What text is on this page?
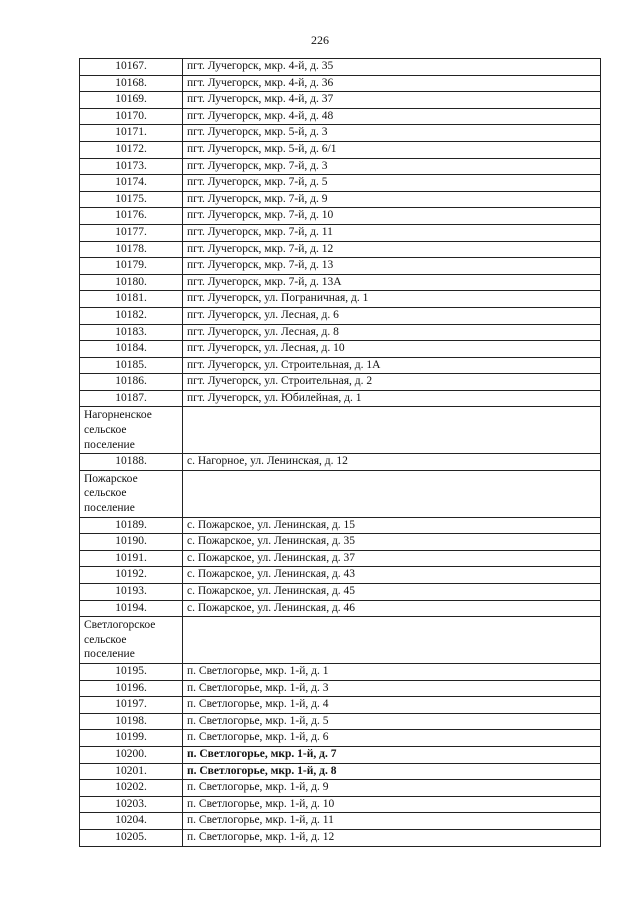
226
10167.	пгт. Лучегорск, мкр. 4-й, д. 35
10168.	пгт. Лучегорск, мкр. 4-й, д. 36
10169.	пгт. Лучегорск, мкр. 4-й, д. 37
10170.	пгт. Лучегорск, мкр. 4-й, д. 48
10171.	пгт. Лучегорск, мкр. 5-й, д. 3
10172.	пгт. Лучегорск, мкр. 5-й, д. 6/1
10173.	пгт. Лучегорск, мкр. 7-й, д. 3
10174.	пгт. Лучегорск, мкр. 7-й, д. 5
10175.	пгт. Лучегорск, мкр. 7-й, д. 9
10176.	пгт. Лучегорск, мкр. 7-й, д. 10
10177.	пгт. Лучегорск, мкр. 7-й, д. 11
10178.	пгт. Лучегорск, мкр. 7-й, д. 12
10179.	пгт. Лучегорск, мкр. 7-й, д. 13
10180.	пгт. Лучегорск, мкр. 7-й, д. 13А
10181.	пгт. Лучегорск, ул. Пограничная, д. 1
10182.	пгт. Лучегорск, ул. Лесная, д. 6
10183.	пгт. Лучегорск, ул. Лесная, д. 8
10184.	пгт. Лучегорск, ул. Лесная, д. 10
10185.	пгт. Лучегорск, ул. Строительная, д. 1А
10186.	пгт. Лучегорск, ул. Строительная, д. 2
10187.	пгт. Лучегорск, ул. Юбилейная, д. 1
Нагорненское сельское поселение	
10188.	с. Нагорное, ул. Ленинская, д. 12
Пожарское сельское поселение	
10189.	с. Пожарское, ул. Ленинская, д. 15
10190.	с. Пожарское, ул. Ленинская, д. 35
10191.	с. Пожарское, ул. Ленинская, д. 37
10192.	с. Пожарское, ул. Ленинская, д. 43
10193.	с. Пожарское, ул. Ленинская, д. 45
10194.	с. Пожарское, ул. Ленинская, д. 46
Светлогорское сельское поселение	
10195.	п. Светлогорье, мкр. 1-й, д. 1
10196.	п. Светлогорье, мкр. 1-й, д. 3
10197.	п. Светлогорье, мкр. 1-й, д. 4
10198.	п. Светлогорье, мкр. 1-й, д. 5
10199.	п. Светлогорье, мкр. 1-й, д. 6
10200.	п. Светлогорье, мкр. 1-й, д. 7
10201.	п. Светлогорье, мкр. 1-й, д. 8
10202.	п. Светлогорье, мкр. 1-й, д. 9
10203.	п. Светлогорье, мкр. 1-й, д. 10
10204.	п. Светлогорье, мкр. 1-й, д. 11
10205.	п. Светлогорье, мкр. 1-й, д. 12
